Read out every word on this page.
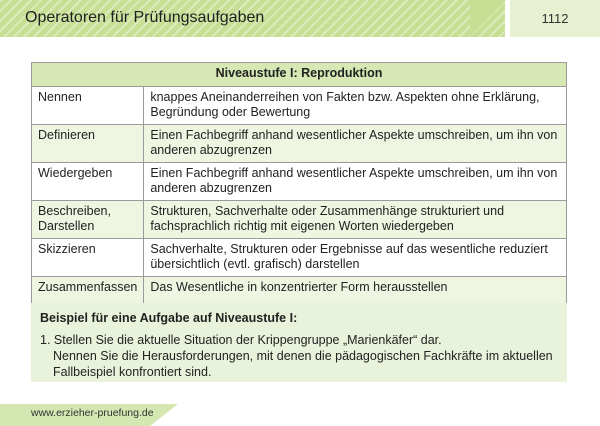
Operatoren für Prüfungsaufgaben	1112
Niveaustufe I: Reproduktion	
Nennen	knappes Aneinanderreihen von Fakten bzw. Aspekten ohne Erklärung, Begründung oder Bewertung
Definieren	Einen Fachbegriff anhand wesentlicher Aspekte umschreiben, um ihn von anderen abzugrenzen
Wiedergeben	Einen Fachbegriff anhand wesentlicher Aspekte umschreiben, um ihn von anderen abzugrenzen
Beschreiben, Darstellen	Strukturen, Sachverhalte oder Zusammenhänge strukturiert und fachsprachlich richtig mit eigenen Worten wiedergeben
Skizzieren	Sachverhalte, Strukturen oder Ergebnisse auf das wesentliche reduziert übersichtlich (evtl. grafisch) darstellen
Zusammenfassen	Das Wesentliche in konzentrierter Form herausstellen
Beispiel für eine Aufgabe auf Niveaustufe I:
1. Stellen Sie die aktuelle Situation der Krippengruppe „Marienkäfer“ dar.
Nennen Sie die Herausforderungen, mit denen die pädagogischen Fachkräfte im aktuellen
Fallbeispiel konfrontiert sind.
www.erzieher-pruefung.de
